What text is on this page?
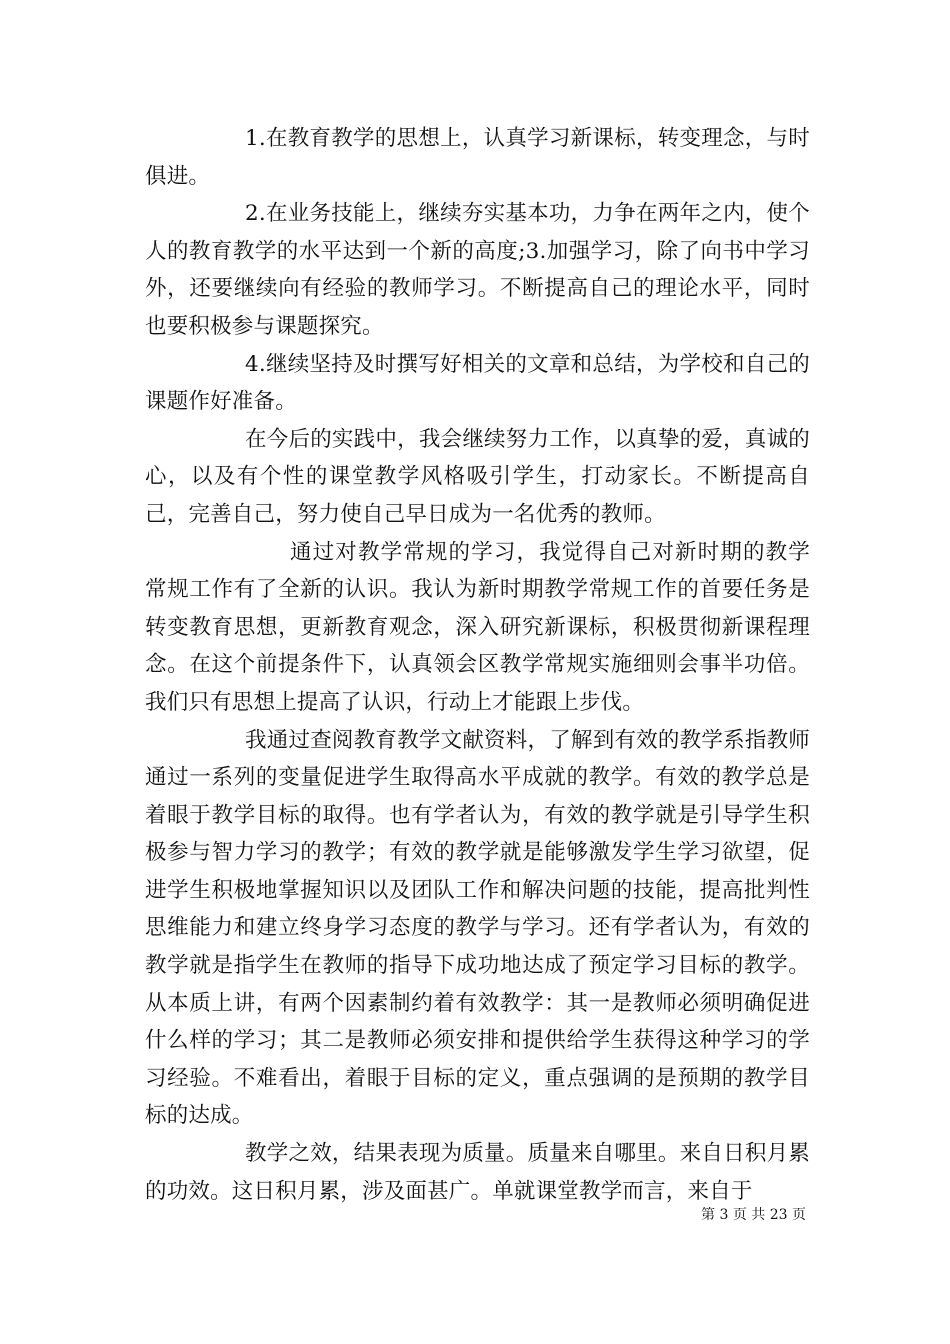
1.在教育教学的思想上，认真学习新课标，转变理念，与时俱进。

2.在业务技能上，继续夯实基本功，力争在两年之内，使个人的教育教学的水平达到一个新的高度;3.加强学习，除了向书中学习外，还要继续向有经验的教师学习。不断提高自己的理论水平，同时也要积极参与课题探究。

4.继续坚持及时撰写好相关的文章和总结，为学校和自己的课题作好准备。

在今后的实践中，我会继续努力工作，以真挚的爱，真诚的心，以及有个性的课堂教学风格吸引学生，打动家长。不断提高自己，完善自己，努力使自己早日成为一名优秀的教师。

通过对教学常规的学习，我觉得自己对新时期的教学常规工作有了全新的认识。我认为新时期教学常规工作的首要任务是转变教育思想，更新教育观念，深入研究新课标，积极贯彻新课程理念。在这个前提条件下，认真领会区教学常规实施细则会事半功倍。我们只有思想上提高了认识，行动上才能跟上步伐。

我通过查阅教育教学文献资料，了解到有效的教学系指教师通过一系列的变量促进学生取得高水平成就的教学。有效的教学总是着眼于教学目标的取得。也有学者认为，有效的教学就是引导学生积极参与智力学习的教学；有效的教学就是能够激发学生学习欲望，促进学生积极地掌握知识以及团队工作和解决问题的技能，提高批判性思维能力和建立终身学习态度的教学与学习。还有学者认为，有效的教学就是指学生在教师的指导下成功地达成了预定学习目标的教学。从本质上讲，有两个因素制约着有效教学：其一是教师必须明确促进什么样的学习；其二是教师必须安排和提供给学生获得这种学习的学习经验。不难看出，着眼于目标的定义，重点强调的是预期的教学目标的达成。

教学之效，结果表现为质量。质量来自哪里。来自日积月累的功效。这日积月累，涉及面甚广。单就课堂教学而言，来自于

第 3 页 共 23 页
